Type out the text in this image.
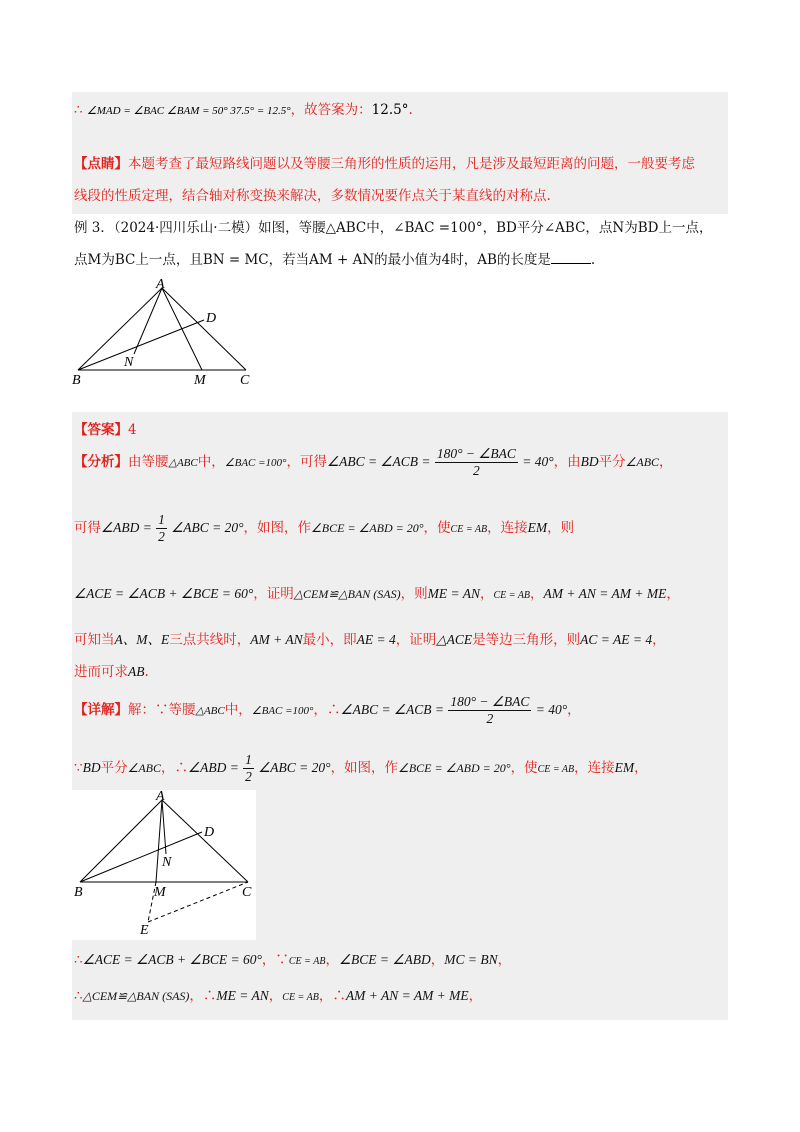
∴ ∠MAD = ∠BAC ∠BAM = 50° 37.5° = 12.5°，故答案为：12.5°.
【点睛】本题考查了最短路线问题以及等腰三角形的性质的运用，凡是涉及最短距离的问题，一般要考虑
线段的性质定理，结合轴对称变换来解决，多数情况要作点关于某直线的对称点.
例 3．（2024·四川乐山·二模）如图，等腰△ABC中，∠BAC =100°，BD平分∠ABC，点N为BD上一点，
点M为BC上一点，且BN = MC，若当AM + AN的最小值为4时，AB的长度是	.
A
D
N
B	M C
【答案】4
【分析】由等腰△ABC中，∠BAC =100°，可得∠ABC = ∠ACB = $\frac{\text{180° − ∠BAC}}{2} = 40^\circ$，由BD平分∠ABC，
可得∠ABD = $\frac{1}{2}$ ∠ABC = 20°，如图，作∠BCE = ∠ABD = 20°，使CE = AB，连接EM，则
∠ACE = ∠ACB + ∠BCE = 60°，证明△CEM≌△BAN (SAS)，则ME = AN，CE = AB，AM + AN = AM + ME，
可知当A、M、E三点共线时，AM + AN最小，即AE = 4，证明△ACE是等边三角形，则AC = AE = 4，
进而可求AB.
【详解】解：∵等腰△ABC中，∠BAC =100°，∴∠ABC = ∠ACB = $\frac{\text{180° − ∠BAC}}{2} = 40^\circ$，
∵BD平分∠ABC，∴∠ABD = $\frac{1}{2}$ ∠ABC = 20°，如图，作∠BCE = ∠ABD = 20°，使CE = AB，连接EM，
A
D
N
B	M	C
E
∴∠ACE = ∠ACB + ∠BCE = 60°，∵CE = AB，∠BCE = ∠ABD，MC = BN，
∴△CEM≌△BAN (SAS)，∴ME = AN，CE = AB，∴AM + AN = AM + ME，
